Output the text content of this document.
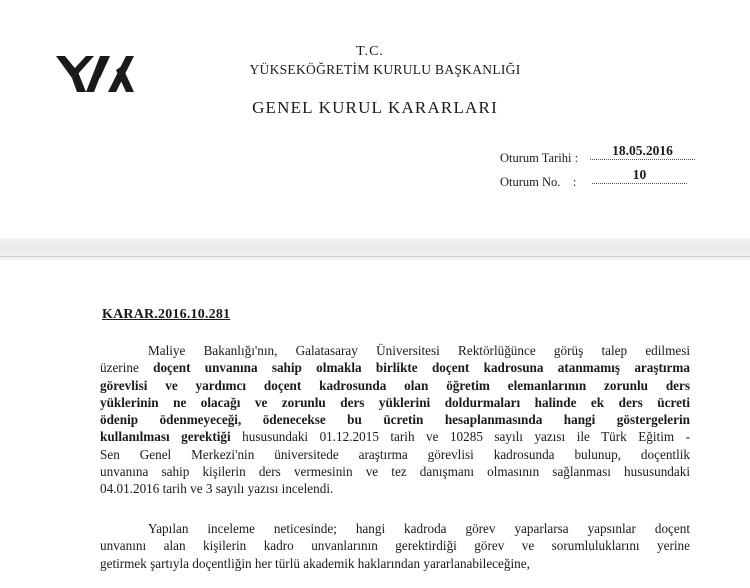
T.C.
YÜKSEKÖĞRETİM KURULU BAŞKANLIĞI
GENEL KURUL KARARLARI
Oturum Tarihi :	18.05.2016
Oturum No.    :	10
KARAR.2016.10.281

Maliye Bakanlığı'nın, Galatasaray Üniversitesi Rektörlüğünce görüş talep edilmesi
üzerine doçent unvanına sahip olmakla birlikte doçent kadrosuna atanmamış araştırma
görevlisi ve yardımcı doçent kadrosunda olan öğretim elemanlarının zorunlu ders
yüklerinin ne olacağı ve zorunlu ders yüklerini doldurmaları halinde ek ders ücreti
ödenip ödenmeyeceği, ödenecekse bu ücretin hesaplanmasında hangi göstergelerin
kullanılması gerektiği hususundaki 01.12.2015 tarih ve 10285 sayılı yazısı ile Türk Eğitim -
Sen Genel Merkezi'nin üniversitede araştırma görevlisi kadrosunda bulunup, doçentlik
unvanına sahip kişilerin ders vermesinin ve tez danışmanı olmasının sağlanması hususundaki
04.01.2016 tarih ve 3 sayılı yazısı incelendi.

Yapılan inceleme neticesinde; hangi kadroda görev yaparlarsa yapsınlar doçent
unvanını alan kişilerin kadro unvanlarının gerektirdiği görev ve sorumluluklarını yerine
getirmek şartıyla doçentliğin her türlü akademik haklarından yararlanabileceğine,
